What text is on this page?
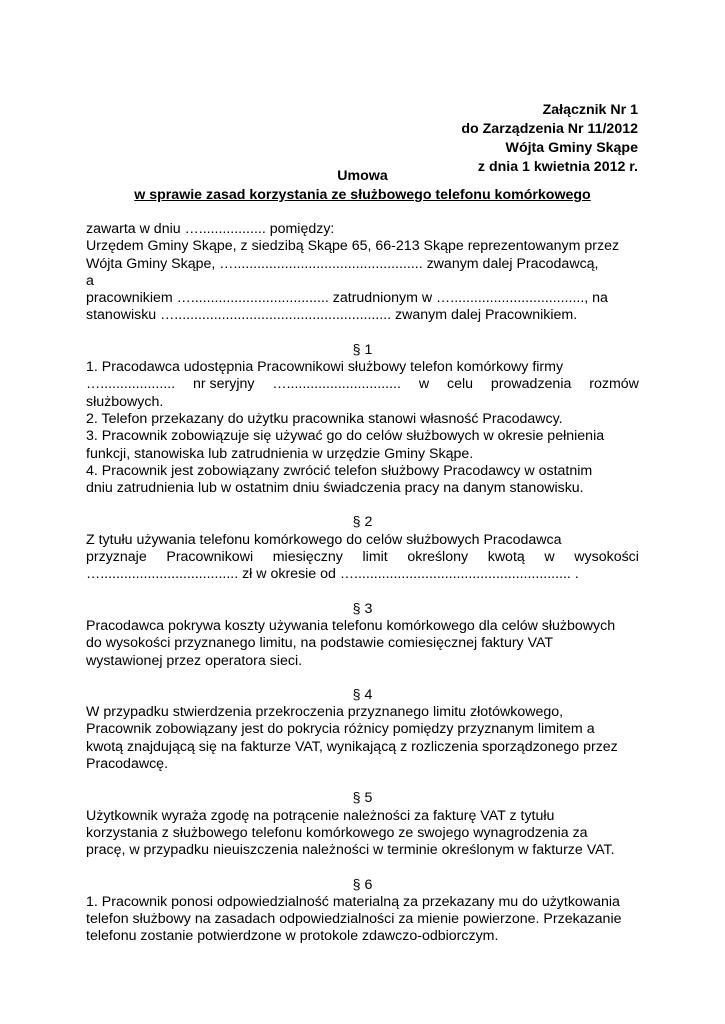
Załącznik Nr 1
do Zarządzenia Nr 11/2012
Wójta Gminy Skąpe
z dnia 1 kwietnia 2012 r.
Umowa
w sprawie zasad korzystania ze służbowego telefonu komórkowego
zawarta w dniu …................. pomiędzy:
Urzędem Gminy Skąpe, z siedzibą Skąpe 65, 66-213 Skąpe reprezentowanym przez
Wójta Gminy Skąpe, …................................................ zwanym dalej Pracodawcą,
a
pracownikiem …................................... zatrudnionym w ….................................., na
stanowisku …....................................................... zwanym dalej Pracownikiem.
§ 1
1. Pracodawca udostępnia Pracownikowi służbowy telefon komórkowy firmy
…................... nr seryjny …............................. w celu prowadzenia rozmów
służbowych.
2. Telefon przekazany do użytku pracownika stanowi własność Pracodawcy.
3. Pracownik zobowiązuje się używać go do celów służbowych w okresie pełnienia
funkcji, stanowiska lub zatrudnienia w urzędzie Gminy Skąpe.
4. Pracownik jest zobowiązany zwrócić telefon służbowy Pracodawcy w ostatnim
dniu zatrudnienia lub w ostatnim dniu świadczenia pracy na danym stanowisku.
§ 2
Z tytułu używania telefonu komórkowego do celów służbowych Pracodawca
przyznaje Pracownikowi miesięczny limit określony kwotą w wysokości
…................................... zł w okresie od …....................................................... .
§ 3
Pracodawca pokrywa koszty używania telefonu komórkowego dla celów służbowych
do wysokości przyznanego limitu, na podstawie comiesięcznej faktury VAT
wystawionej przez operatora sieci.
§ 4
W przypadku stwierdzenia przekroczenia przyznanego limitu złotówkowego,
Pracownik zobowiązany jest do pokrycia różnicy pomiędzy przyznanym limitem a
kwotą znajdującą się na fakturze VAT, wynikającą z rozliczenia sporządzonego przez
Pracodawcę.
§ 5
Użytkownik wyraża zgodę na potrącenie należności za fakturę VAT z tytułu
korzystania z służbowego telefonu komórkowego ze swojego wynagrodzenia za
pracę, w przypadku nieuiszczenia należności w terminie określonym w fakturze VAT.
§ 6
1. Pracownik ponosi odpowiedzialność materialną za przekazany mu do użytkowania
telefon służbowy na zasadach odpowiedzialności za mienie powierzone. Przekazanie
telefonu zostanie potwierdzone w protokole zdawczo-odbiorczym.
